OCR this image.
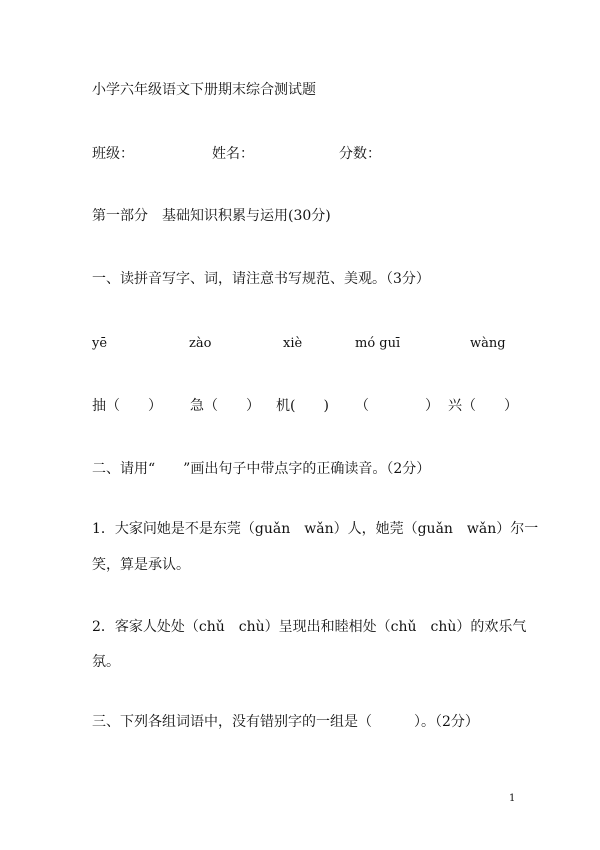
小学六年级语文下册期末综合测试题
班级：	姓名：	分数：
第一部分　基础知识积累与运用(30分)
一、读拼音写字、词，请注意书写规范、美观。（3分）
yē	zào	xiè	mó guī	wàng
抽（　　） 急（　　） 机(　　) （　　　　） 兴（　　）
二、请用“　　”画出句子中带点字的正确读音。（2分）
1．大家问她是不是东莞（guǎn　wǎn）人，她莞（guǎn　wǎn）尔一
笑，算是承认。
2．客家人处处（chǔ　chù）呈现出和睦相处（chǔ　chù）的欢乐气
氛。
三、下列各组词语中，没有错别字的一组是（　　　）。（2分）
1
